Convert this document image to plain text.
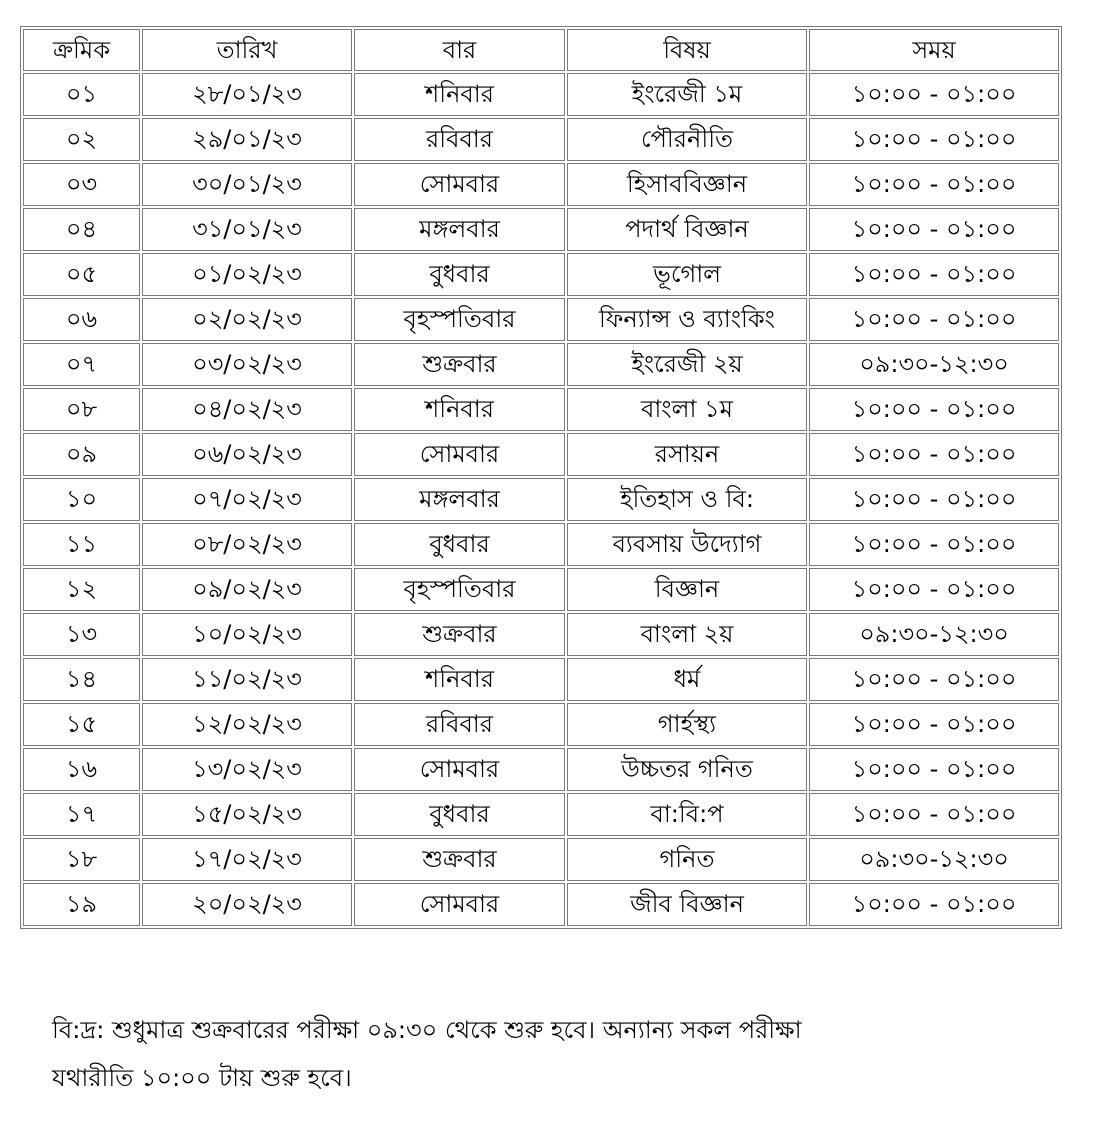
ক্রমিক	তারিখ	বার	বিষয়	সময়
০১	২৮/০১/২৩	শনিবার	ইংরেজী ১ম	১০:০০ - ০১:০০
০২	২৯/০১/২৩	রবিবার	পৌরনীতি	১০:০০ - ০১:০০
০৩	৩০/০১/২৩	সোমবার	হিসাববিজ্ঞান	১০:০০ - ০১:০০
০৪	৩১/০১/২৩	মঙ্গলবার	পদার্থ বিজ্ঞান	১০:০০ - ০১:০০
০৫	০১/০২/২৩	বুধবার	ভূগোল	১০:০০ - ০১:০০
০৬	০২/০২/২৩	বৃহস্পতিবার	ফিন্যান্স ও ব্যাংকিং	১০:০০ - ০১:০০
০৭	০৩/০২/২৩	শুক্রবার	ইংরেজী ২য়	০৯:৩০-১২:৩০
০৮	০৪/০২/২৩	শনিবার	বাংলা ১ম	১০:০০ - ০১:০০
০৯	০৬/০২/২৩	সোমবার	রসায়ন	১০:০০ - ০১:০০
১০	০৭/০২/২৩	মঙ্গলবার	ইতিহাস ও বি:	১০:০০ - ০১:০০
১১	০৮/০২/২৩	বুধবার	ব্যবসায় উদ্যোগ	১০:০০ - ০১:০০
১২	০৯/০২/২৩	বৃহস্পতিবার	বিজ্ঞান	১০:০০ - ০১:০০
১৩	১০/০২/২৩	শুক্রবার	বাংলা ২য়	০৯:৩০-১২:৩০
১৪	১১/০২/২৩	শনিবার	ধর্ম	১০:০০ - ০১:০০
১৫	১২/০২/২৩	রবিবার	গার্হস্থ্য	১০:০০ - ০১:০০
১৬	১৩/০২/২৩	সোমবার	উচ্চতর গনিত	১০:০০ - ০১:০০
১৭	১৫/০২/২৩	বুধবার	বা:বি:প	১০:০০ - ০১:০০
১৮	১৭/০২/২৩	শুক্রবার	গনিত	০৯:৩০-১২:৩০
১৯	২০/০২/২৩	সোমবার	জীব বিজ্ঞান	১০:০০ - ০১:০০

বি:দ্র: শুধুমাত্র শুক্রবারের পরীক্ষা ০৯:৩০ থেকে শুরু হবে। অন্যান্য সকল পরীক্ষা

যথারীতি ১০:০০ টায় শুরু হবে।
